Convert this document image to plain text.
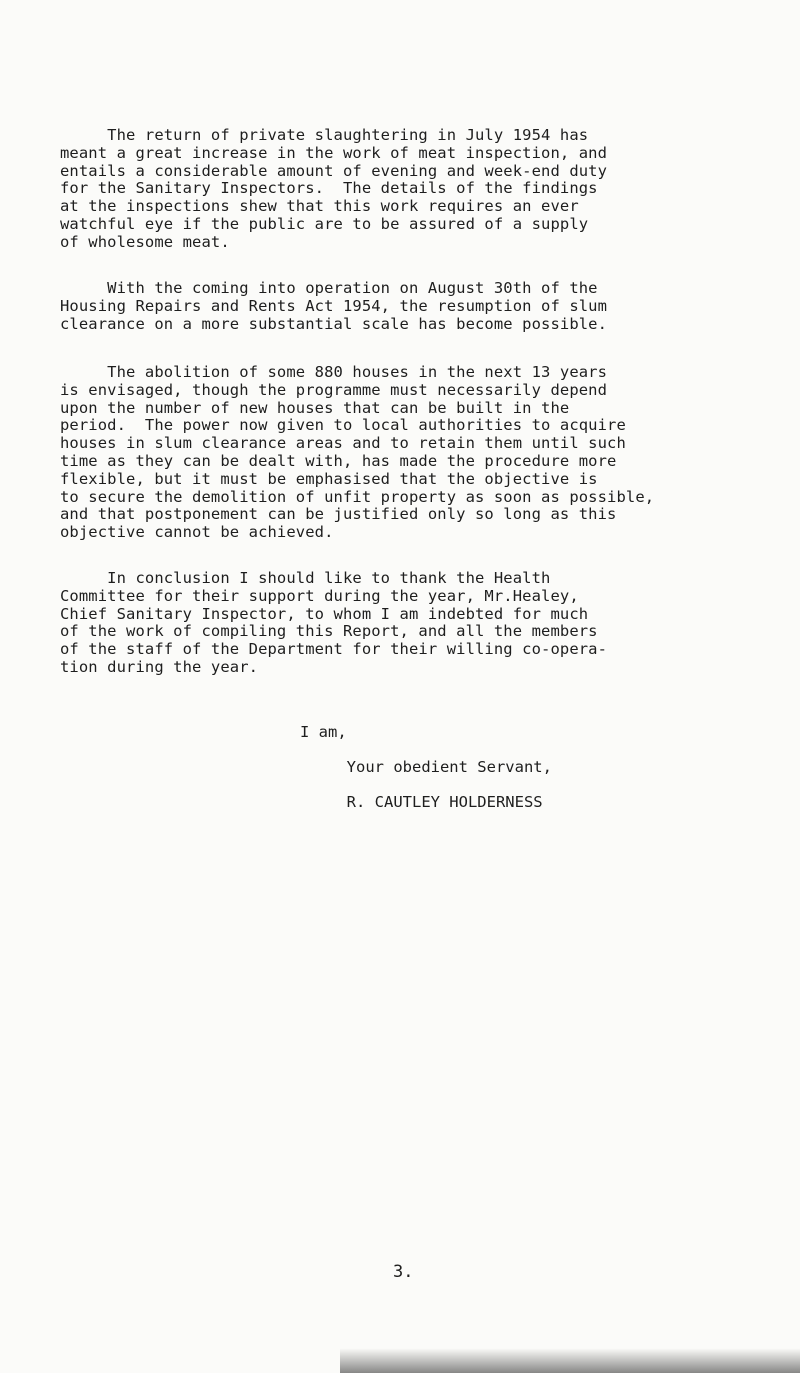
The return of private slaughtering in July 1954 has
meant a great increase in the work of meat inspection, and
entails a considerable amount of evening and week-end duty
for the Sanitary Inspectors.  The details of the findings
at the inspections shew that this work requires an ever
watchful eye if the public are to be assured of a supply
of wholesome meat.
With the coming into operation on August 30th of the
Housing Repairs and Rents Act 1954, the resumption of slum
clearance on a more substantial scale has become possible.
The abolition of some 880 houses in the next 13 years
is envisaged, though the programme must necessarily depend
upon the number of new houses that can be built in the
period.  The power now given to local authorities to acquire
houses in slum clearance areas and to retain them until such
time as they can be dealt with, has made the procedure more
flexible, but it must be emphasised that the objective is
to secure the demolition of unfit property as soon as possible,
and that postponement can be justified only so long as this
objective cannot be achieved.
In conclusion I should like to thank the Health
Committee for their support during the year, Mr.Healey,
Chief Sanitary Inspector, to whom I am indebted for much
of the work of compiling this Report, and all the members
of the staff of the Department for their willing co-opera-
tion during the year.
I am,
Your obedient Servant,
R. CAUTLEY HOLDERNESS
3.
